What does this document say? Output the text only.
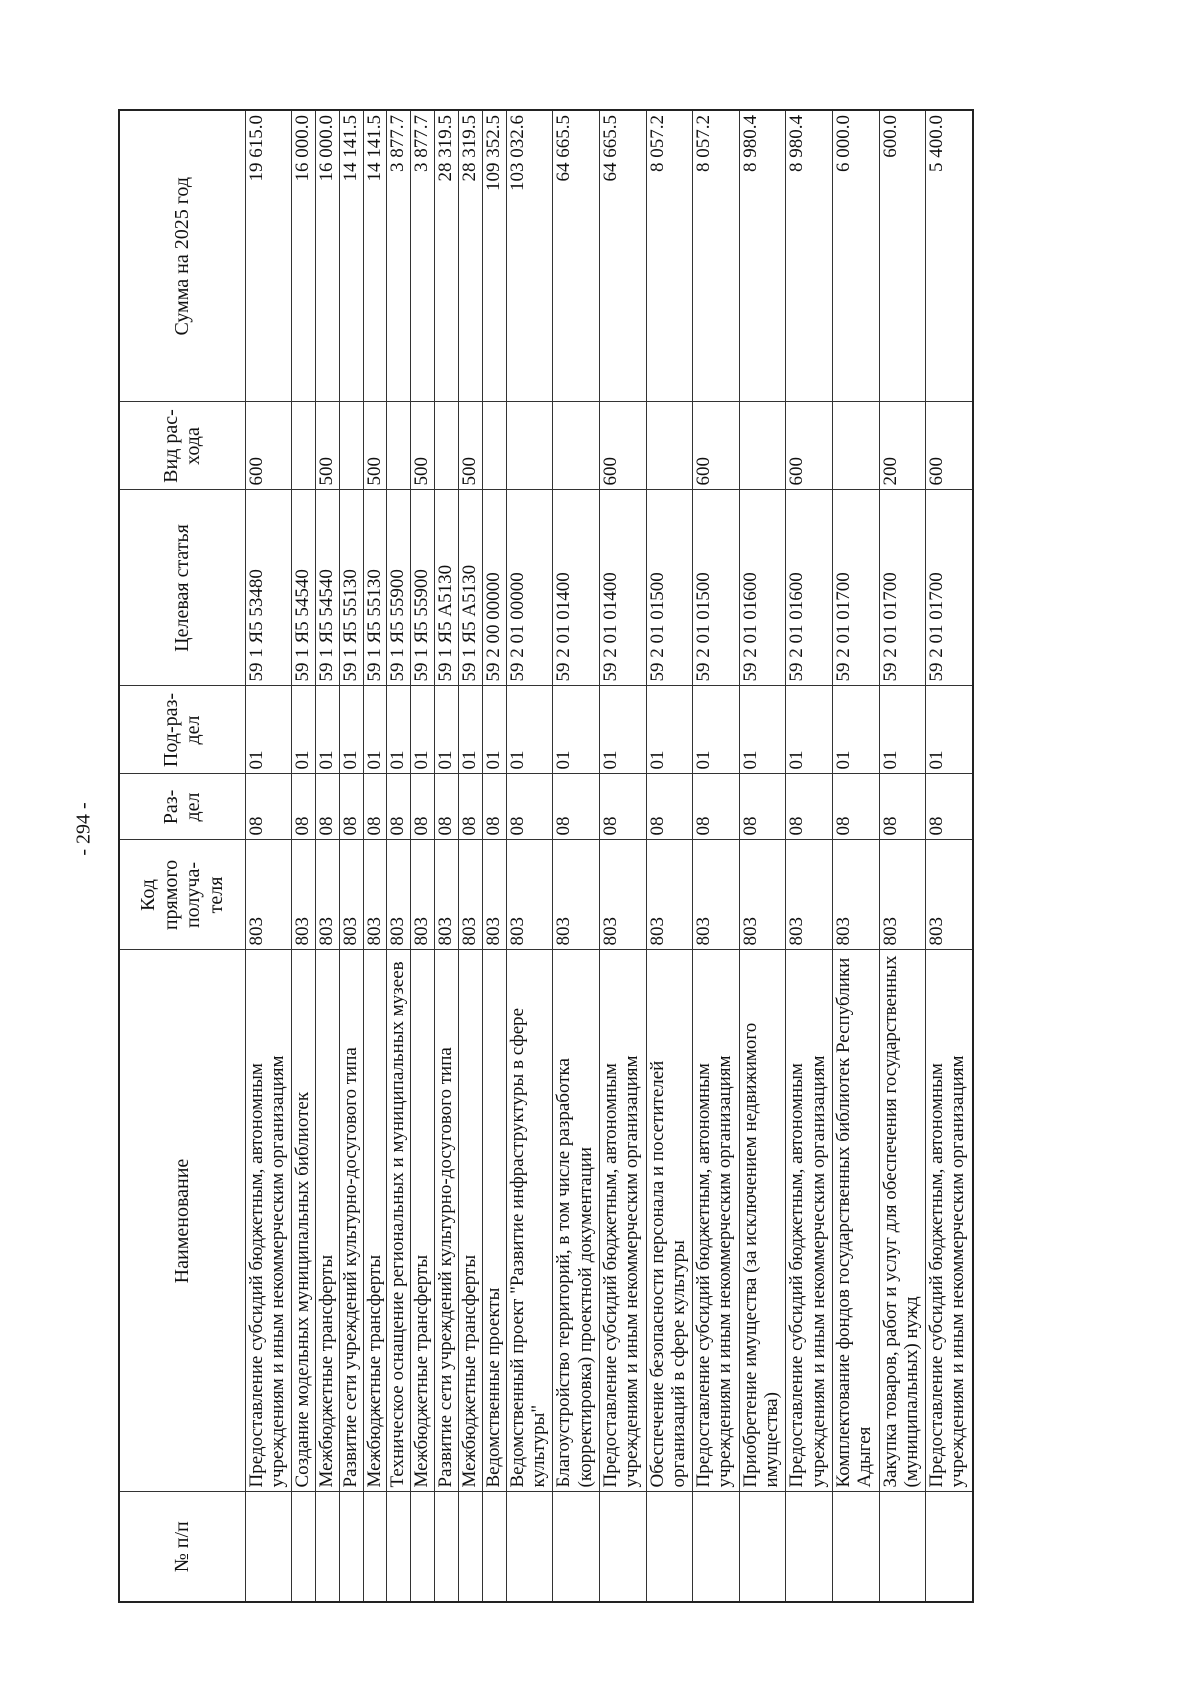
- 294 -
№ п/п	Наименование	Код прямого получа-теля	Раз-дел	Под-раз-дел	Целевая статья	Вид рас-хода	Сумма на 2025 год
	Предоставление субсидий бюджетным, автономным учреждениям и иным некоммерческим организациям	803	08	01	59 1 Я5 53480	600	19 615.0
	Создание модельных муниципальных библиотек	803	08	01	59 1 Я5 54540		16 000.0
	Межбюджетные трансферты	803	08	01	59 1 Я5 54540	500	16 000.0
	Развитие сети учреждений культурно-досугового типа	803	08	01	59 1 Я5 55130		14 141.5
	Межбюджетные трансферты	803	08	01	59 1 Я5 55130	500	14 141.5
	Техническое оснащение региональных и муниципальных музеев	803	08	01	59 1 Я5 55900		3 877.7
	Межбюджетные трансферты	803	08	01	59 1 Я5 55900	500	3 877.7
	Развитие сети учреждений культурно-досугового типа	803	08	01	59 1 Я5 А5130		28 319.5
	Межбюджетные трансферты	803	08	01	59 1 Я5 А5130	500	28 319.5
	Ведомственные проекты	803	08	01	59 2 00 00000		109 352.5
	Ведомственный проект "Развитие инфраструктуры в сфере культуры"	803	08	01	59 2 01 00000		103 032.6
	Благоустройство территорий, в том числе разработка (корректировка) проектной документации	803	08	01	59 2 01 01400		64 665.5
	Предоставление субсидий бюджетным, автономным учреждениям и иным некоммерческим организациям	803	08	01	59 2 01 01400	600	64 665.5
	Обеспечение безопасности персонала и посетителей организаций в сфере культуры	803	08	01	59 2 01 01500		8 057.2
	Предоставление субсидий бюджетным, автономным учреждениям и иным некоммерческим организациям	803	08	01	59 2 01 01500	600	8 057.2
	Приобретение имущества (за исключением недвижимого имущества)	803	08	01	59 2 01 01600		8 980.4
	Предоставление субсидий бюджетным, автономным учреждениям и иным некоммерческим организациям	803	08	01	59 2 01 01600	600	8 980.4
	Комплектование фондов государственных библиотек Республики Адыгея	803	08	01	59 2 01 01700		6 000.0
	Закупка товаров, работ и услуг для обеспечения государственных (муниципальных) нужд	803	08	01	59 2 01 01700	200	600.0
	Предоставление субсидий бюджетным, автономным учреждениям и иным некоммерческим организациям	803	08	01	59 2 01 01700	600	5 400.0
